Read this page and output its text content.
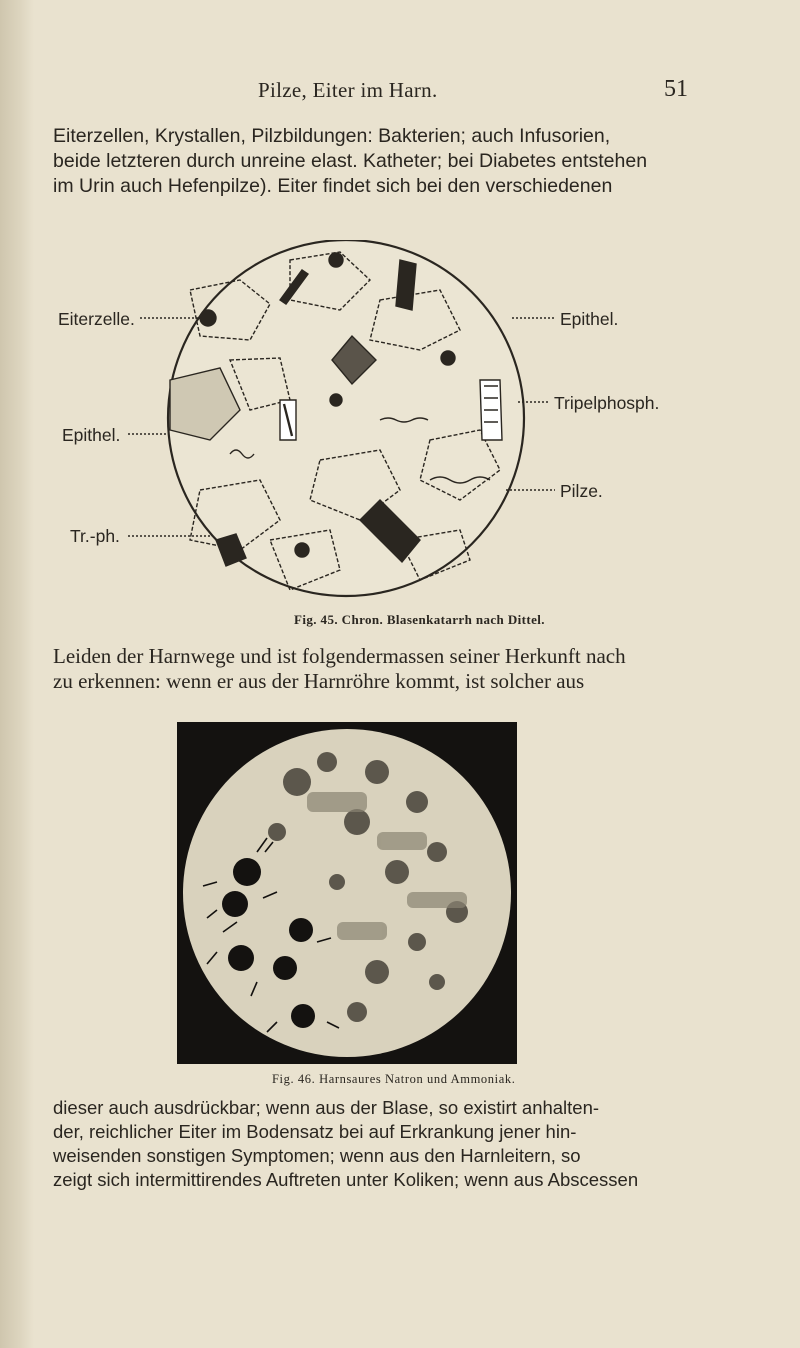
Pilze, Eiter im Harn.	51
Eiterzellen, Krystallen, Pilzbildungen: Bakterien; auch Infusorien,
beide letzteren durch unreine elast. Katheter; bei Diabetes entstehen
im Urin auch Hefenpilze). Eiter findet sich bei den verschiedenen
Eiterzelle.
Epithel.
Tr.-ph.
Epithel.
Tripelphosph.
Pilze.
Fig. 45. Chron. Blasenkatarrh nach Dittel.
Leiden der Harnwege und ist folgendermassen seiner Herkunft nach
zu erkennen: wenn er aus der Harnröhre kommt, ist solcher aus
Fig. 46. Harnsaures Natron und Ammoniak.
dieser auch ausdrückbar; wenn aus der Blase, so existirt anhalten-
der, reichlicher Eiter im Bodensatz bei auf Erkrankung jener hin-
weisenden sonstigen Symptomen; wenn aus den Harnleitern, so
zeigt sich intermittirendes Auftreten unter Koliken; wenn aus Abscessen
